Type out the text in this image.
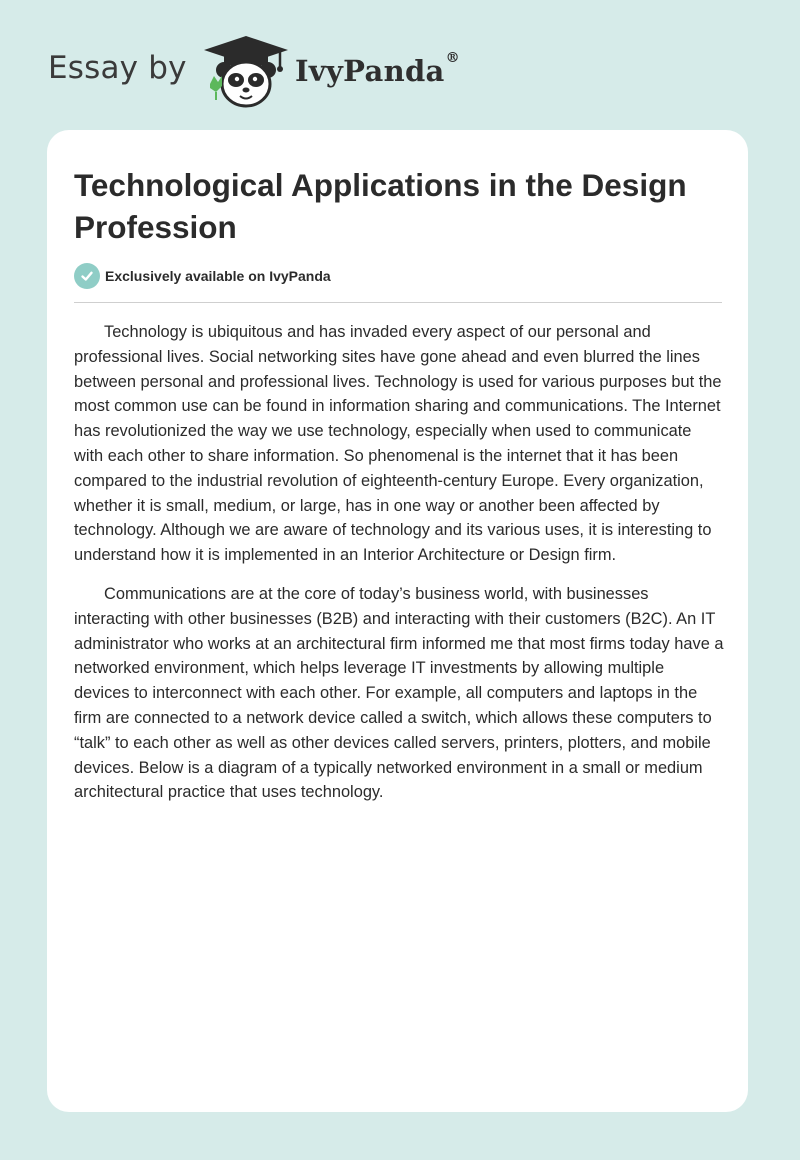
Essay by	IvyPanda®
Technological Applications in the Design Profession
Exclusively available on IvyPanda

Technology is ubiquitous and has invaded every aspect of our personal and professional lives. Social networking sites have gone ahead and even blurred the lines between personal and professional lives. Technology is used for various purposes but the most common use can be found in information sharing and communications. The Internet has revolutionized the way we use technology, especially when used to communicate with each other to share information. So phenomenal is the internet that it has been compared to the industrial revolution of eighteenth-century Europe. Every organization, whether it is small, medium, or large, has in one way or another been affected by technology. Although we are aware of technology and its various uses, it is interesting to understand how it is implemented in an Interior Architecture or Design firm.

Communications are at the core of today’s business world, with businesses interacting with other businesses (B2B) and interacting with their customers (B2C). An IT administrator who works at an architectural firm informed me that most firms today have a networked environment, which helps leverage IT investments by allowing multiple devices to interconnect with each other. For example, all computers and laptops in the firm are connected to a network device called a switch, which allows these computers to “talk” to each other as well as other devices called servers, printers, plotters, and mobile devices. Below is a diagram of a typically networked environment in a small or medium architectural practice that uses technology.
